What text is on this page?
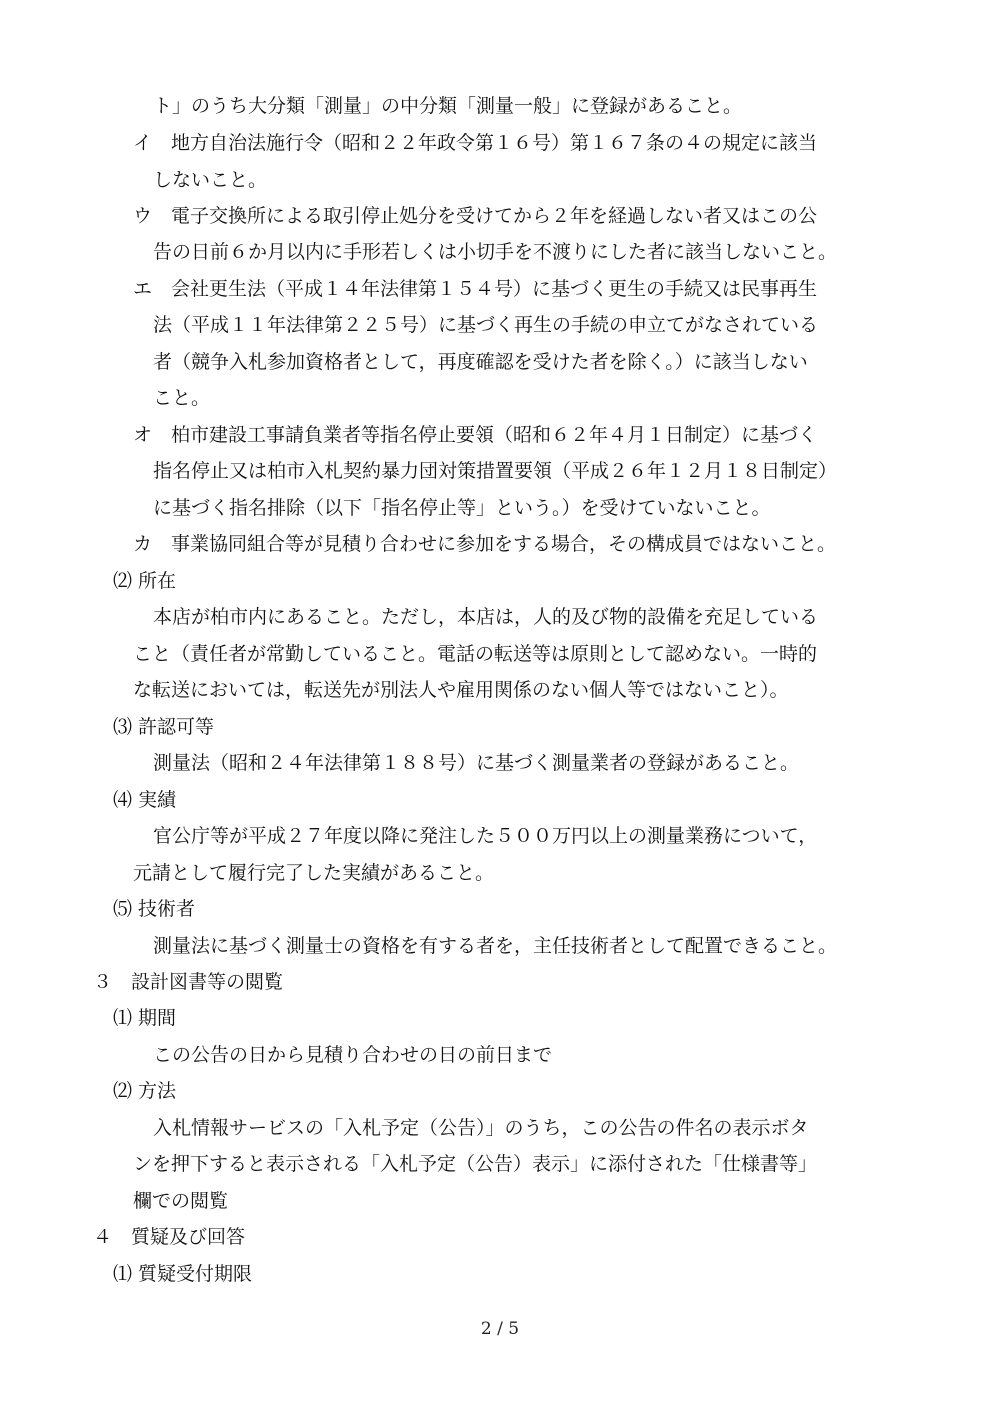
ト」のうち大分類「測量」の中分類「測量一般」に登録があること。
イ　地方自治法施行令（昭和２２年政令第１６号）第１６７条の４の規定に該当
しないこと。
ウ　電子交換所による取引停止処分を受けてから２年を経過しない者又はこの公
告の日前６か月以内に手形若しくは小切手を不渡りにした者に該当しないこと。
エ　会社更生法（平成１４年法律第１５４号）に基づく更生の手続又は民事再生
法（平成１１年法律第２２５号）に基づく再生の手続の申立てがなされている
者（競争入札参加資格者として，再度確認を受けた者を除く。）に該当しない
こと。
オ　柏市建設工事請負業者等指名停止要領（昭和６２年４月１日制定）に基づく
指名停止又は柏市入札契約暴力団対策措置要領（平成２６年１２月１８日制定）
に基づく指名排除（以下「指名停止等」という。）を受けていないこと。
カ　事業協同組合等が見積り合わせに参加をする場合，その構成員ではないこと。
⑵ 所在
本店が柏市内にあること。ただし，本店は，人的及び物的設備を充足している
こと（責任者が常勤していること。電話の転送等は原則として認めない。一時的
な転送においては，転送先が別法人や雇用関係のない個人等ではないこと）。
⑶ 許認可等
測量法（昭和２４年法律第１８８号）に基づく測量業者の登録があること。
⑷ 実績
官公庁等が平成２７年度以降に発注した５００万円以上の測量業務について，
元請として履行完了した実績があること。
⑸ 技術者
測量法に基づく測量士の資格を有する者を，主任技術者として配置できること。
３　設計図書等の閲覧
⑴ 期間
この公告の日から見積り合わせの日の前日まで
⑵ 方法
入札情報サービスの「入札予定（公告）」のうち，この公告の件名の表示ボタ
ンを押下すると表示される「入札予定（公告）表示」に添付された「仕様書等」
欄での閲覧
４　質疑及び回答
⑴ 質疑受付期限
2 / 5
